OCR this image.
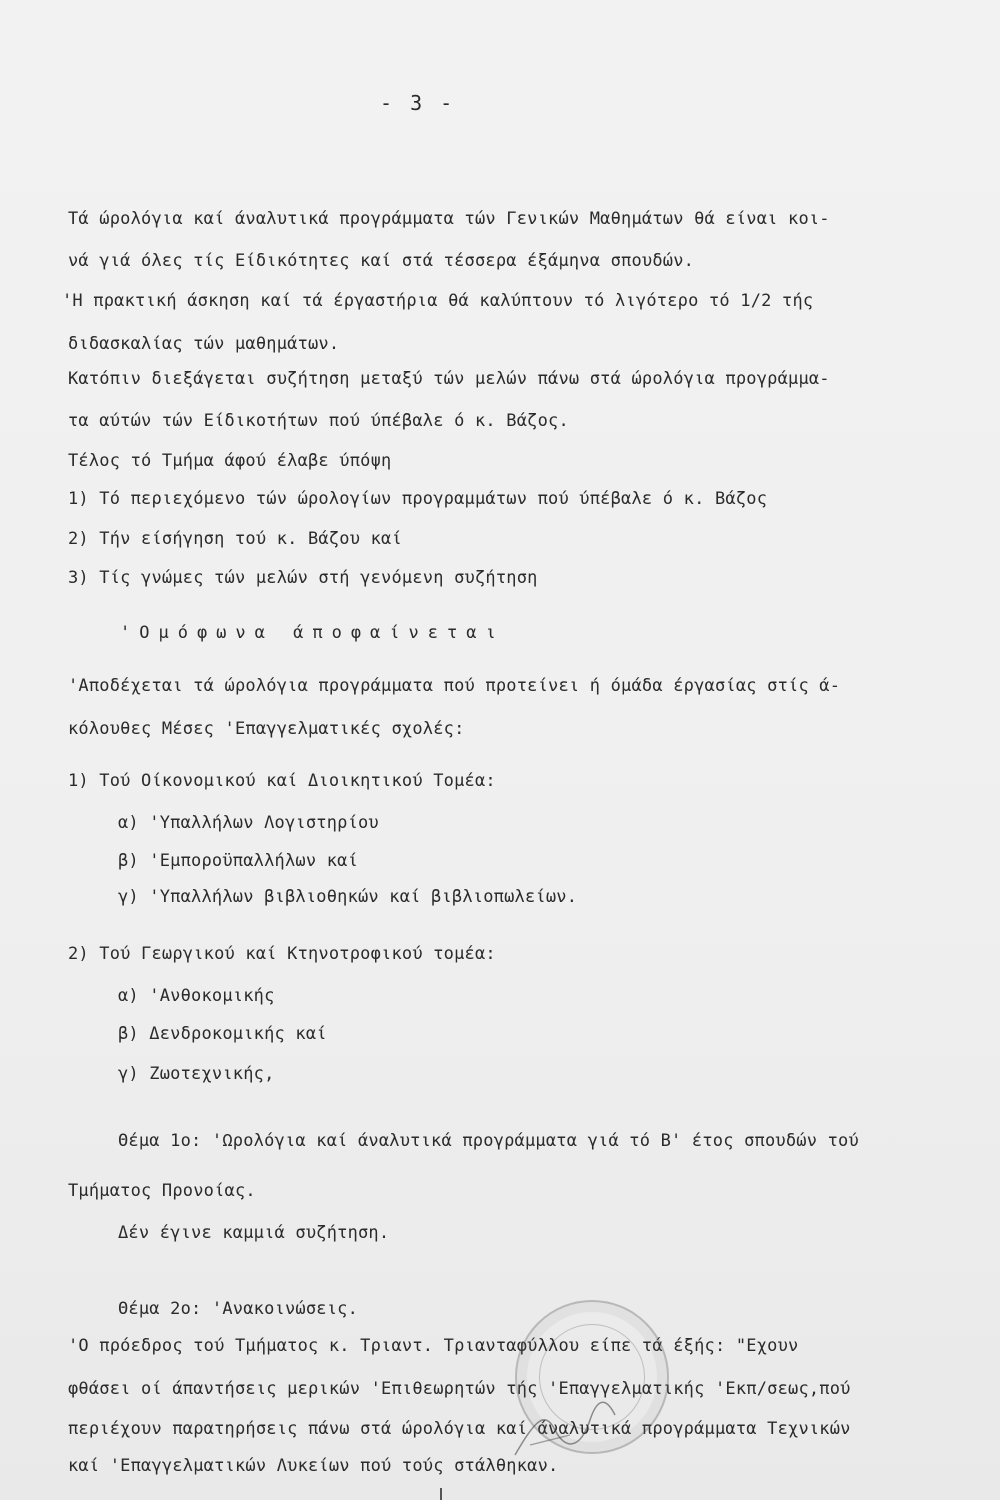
- 3 -
Τά ώρολόγια καί άναλυτικά προγράμματα τών Γενικών Μαθημάτων θά είναι κοι-
νά γιά όλες τίς Είδικότητες καί στά τέσσερα έξάμηνα σπουδών.
'Η πρακτική άσκηση καί τά έργαστήρια θά καλύπτουν τό λιγότερο τό 1/2 τής
διδασκαλίας τών μαθημάτων.
Κατόπιν διεξάγεται συζήτηση μεταξύ τών μελών πάνω στά ώρολόγια προγράμμα-
τα αύτών τών Είδικοτήτων πού ύπέβαλε ό κ. Βάζος.
Τέλος τό Τμήμα άφού έλαβε ύπόψη
1) Τό περιεχόμενο τών ώρολογίων προγραμμάτων πού ύπέβαλε ό κ. Βάζος
2) Τήν είσήγηση τού κ. Βάζου καί
3) Τίς γνώμες τών μελών στή γενόμενη συζήτηση
'Ομόφωνα άποφαίνεται
'Αποδέχεται τά ώρολόγια προγράμματα πού προτείνει ή όμάδα έργασίας στίς ά-
κόλουθες Μέσες 'Επαγγελματικές σχολές:
1) Τού Οίκονομικού καί Διοικητικού Τομέα:
α) 'Υπαλλήλων Λογιστηρίου
β) 'Εμποροϋπαλλήλων καί
γ) 'Υπαλλήλων βιβλιοθηκών καί βιβλιοπωλείων.
2) Τού Γεωργικού καί Κτηνοτροφικού τομέα:
α) 'Ανθοκομικής
β) Δενδροκομικής καί
γ) Ζωοτεχνικής,
Θέμα 1ο: 'Ωρολόγια καί άναλυτικά προγράμματα γιά τό Β' έτος σπουδών τού
Τμήματος Προνοίας.
Δέν έγινε καμμιά συζήτηση.
Θέμα 2ο: 'Ανακοινώσεις.
'Ο πρόεδρος τού Τμήματος κ. Τριαντ. Τριανταφύλλου είπε τά έξής: "Εχουν
φθάσει οί άπαντήσεις μερικών 'Επιθεωρητών τής 'Επαγγελματικής 'Εκπ/σεως,πού
περιέχουν παρατηρήσεις πάνω στά ώρολόγια καί άναλυτικά προγράμματα Τεχνικών
καί 'Επαγγελματικών Λυκείων πού τούς στάλθηκαν.
